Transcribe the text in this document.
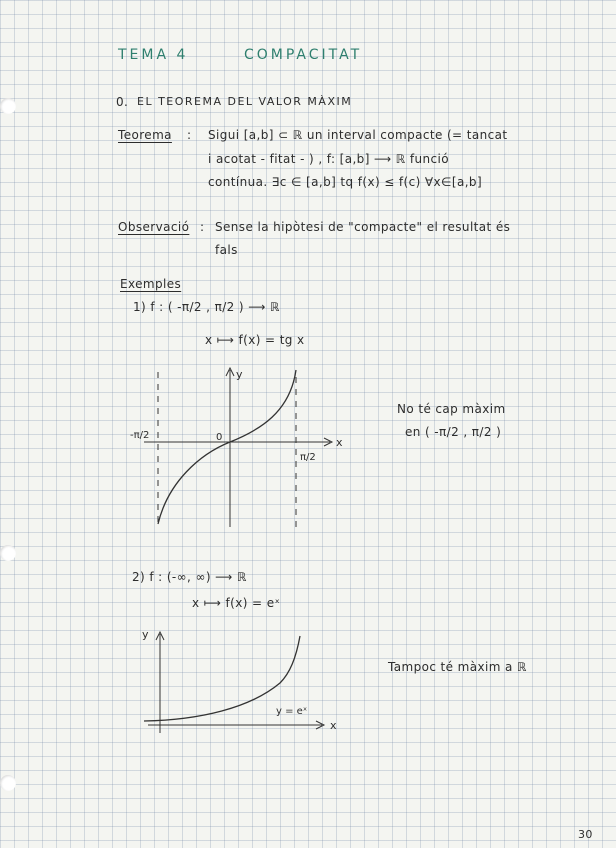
TEMA 4	COMPACITAT
0. EL TEOREMA DEL VALOR MÀXIM
Teorema : Sigui [a,b] ⊂ ℝ un interval compacte (= tancat
i acotat - fitat - ) , f: [a,b] ⟶ ℝ funció
contínua. ∃c ∈ [a,b] tq f(x) ≤ f(c) ∀x∈[a,b]
Observació : Sense la hipòtesi de "compacte" el resultat és
fals
Exemples
1) f : ( -π/2 , π/2 ) ⟶ ℝ
x ⟼ f(x) = tg x
y
x
0
-π/2
π/2
No té cap màxim
en ( -π/2 , π/2 )
2) f : (-∞, ∞) ⟶ ℝ
x ⟼ f(x) = eˣ
y
x
y = eˣ
Tampoc té màxim a ℝ
30
